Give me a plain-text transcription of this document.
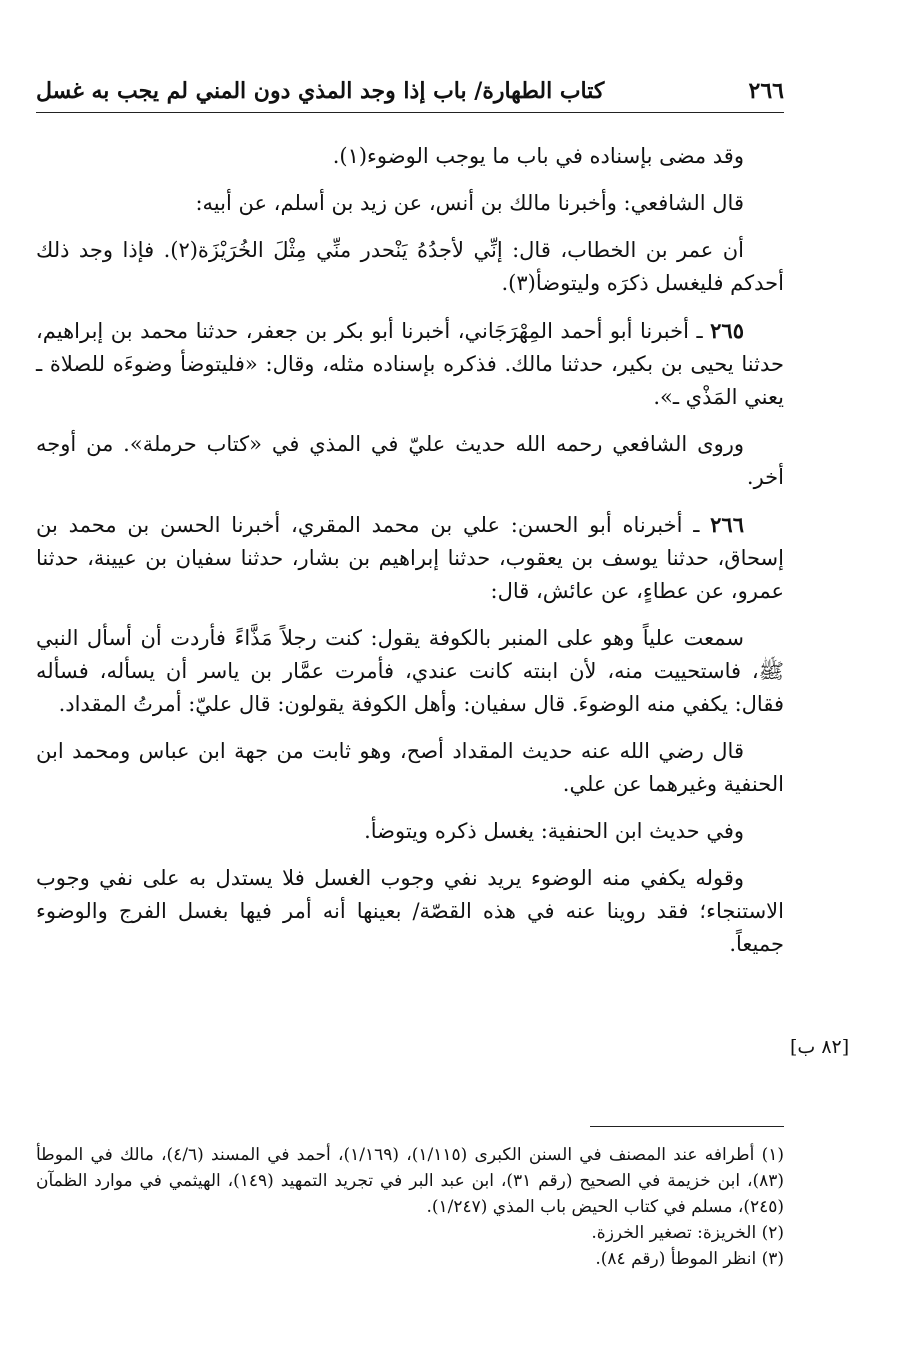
٢٦٦
كتاب الطهارة/ باب إذا وجد المذي دون المني لم يجب به غسل

وقد مضى بإسناده في باب ما يوجب الوضوء(١).

قال الشافعي: وأخبرنا مالك بن أنس، عن زيد بن أسلم، عن أبيه:

أن عمر بن الخطاب، قال: إنِّي لأجدُهُ يَنْحدر منِّي مِثْلَ الخُرَيْزَة(٢). فإذا وجد ذلك أحدكم فليغسل ذكرَه وليتوضأ(٣).

٢٦٥ ـ أخبرنا أبو أحمد المِهْرَجَاني، أخبرنا أبو بكر بن جعفر، حدثنا محمد بن إبراهيم، حدثنا يحيى بن بكير، حدثنا مالك. فذكره بإسناده مثله، وقال: «فليتوضأ وضوءَه للصلاة ـ يعني المَذْي ـ».

وروى الشافعي رحمه الله حديث عليّ في المذي في «كتاب حرملة». من أوجه أخر.

٢٦٦ ـ أخبرناه أبو الحسن: علي بن محمد المقري، أخبرنا الحسن بن محمد بن إسحاق، حدثنا يوسف بن يعقوب، حدثنا إبراهيم بن بشار، حدثنا سفيان بن عيينة، حدثنا عمرو، عن عطاءٍ، عن عائش، قال:

سمعت علياً وهو على المنبر بالكوفة يقول: كنت رجلاً مَذَّاءً فأردت أن أسأل النبي ﷺ، فاستحييت منه، لأن ابنته كانت عندي، فأمرت عمَّار بن ياسر أن يسأله، فسأله فقال: يكفي منه الوضوءَ. قال سفيان: وأهل الكوفة يقولون: قال عليّ: أمرتُ المقداد.

قال رضي الله عنه حديث المقداد أصح، وهو ثابت من جهة ابن عباس ومحمد ابن الحنفية وغيرهما عن علي.

وفي حديث ابن الحنفية: يغسل ذكره ويتوضأ.

وقوله يكفي منه الوضوء يريد نفي وجوب الغسل فلا يستدل به على نفي وجوب الاستنجاء؛ فقد روينا عنه في هذه القصّة/ بعينها أنه أمر فيها بغسل الفرج والوضوء جميعاً.

[٨٢ ب]

(١) أطرافه عند المصنف في السنن الكبرى (١/١١٥)، (١/١٦٩)، أحمد في المسند (٤/٦)، مالك في الموطأ (٨٣)، ابن خزيمة في الصحيح (رقم ٣١)، ابن عبد البر في تجريد التمهيد (١٤٩)، الهيثمي في موارد الظمآن (٢٤٥)، مسلم في كتاب الحيض باب المذي (١/٢٤٧).

(٢) الخريزة: تصغير الخرزة.

(٣) انظر الموطأ (رقم ٨٤).
